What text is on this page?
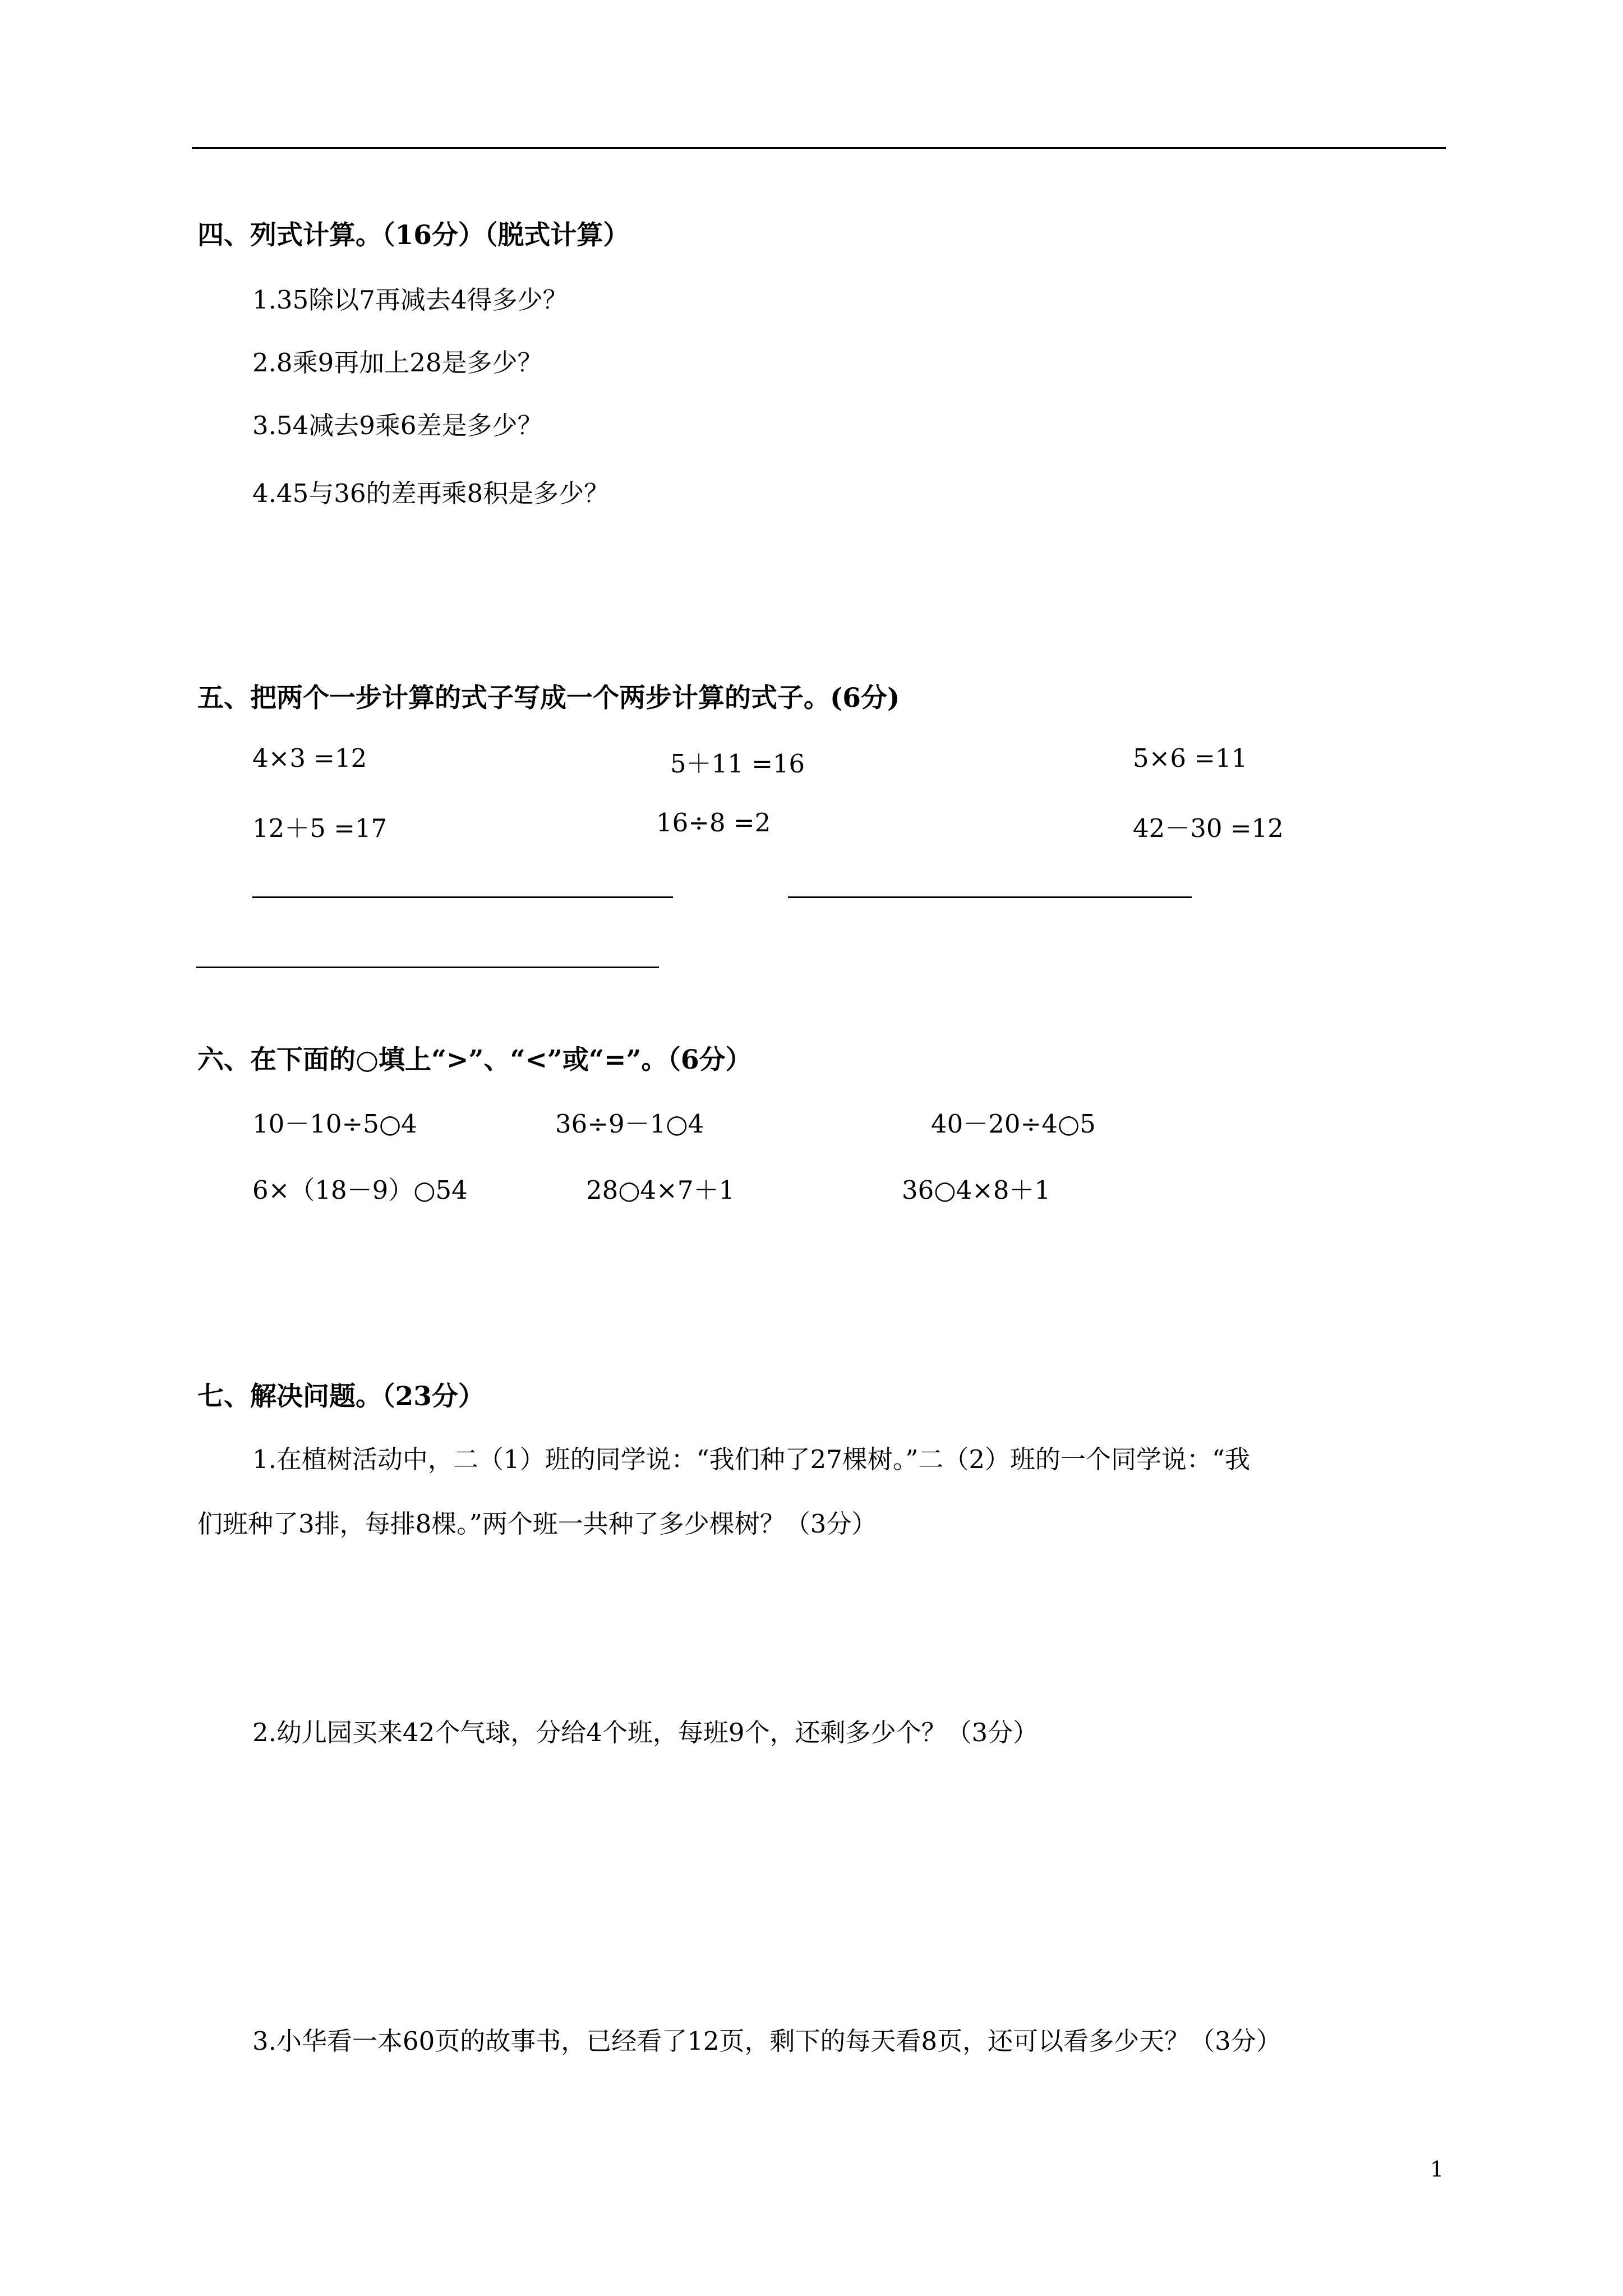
四、列式计算。（16分）（脱式计算）
1.35除以7再减去4得多少？
2.8乘9再加上28是多少？
3.54减去9乘6差是多少？
4.45与36的差再乘8积是多少？
五、把两个一步计算的式子写成一个两步计算的式子。(6分)
4×3 =12	5＋11 =16	5×6 =11
12＋5 =17	16÷8 =2	42－30 =12
六、在下面的○填上“>”、“<”或“=”。（6分）
10－10÷5○4	36÷9－1○4	40－20÷4○5
6×（18－9）○54	28○4×7＋1	36○4×8＋1
七、解决问题。（23分）
1.在植树活动中，二（1）班的同学说：“我们种了27棵树。”二（2）班的一个同学说：“我
们班种了3排，每排8棵。”两个班一共种了多少棵树？（3分）
2.幼儿园买来42个气球，分给4个班，每班9个，还剩多少个？（3分）
3.小华看一本60页的故事书，已经看了12页，剩下的每天看8页，还可以看多少天？（3分）
1
